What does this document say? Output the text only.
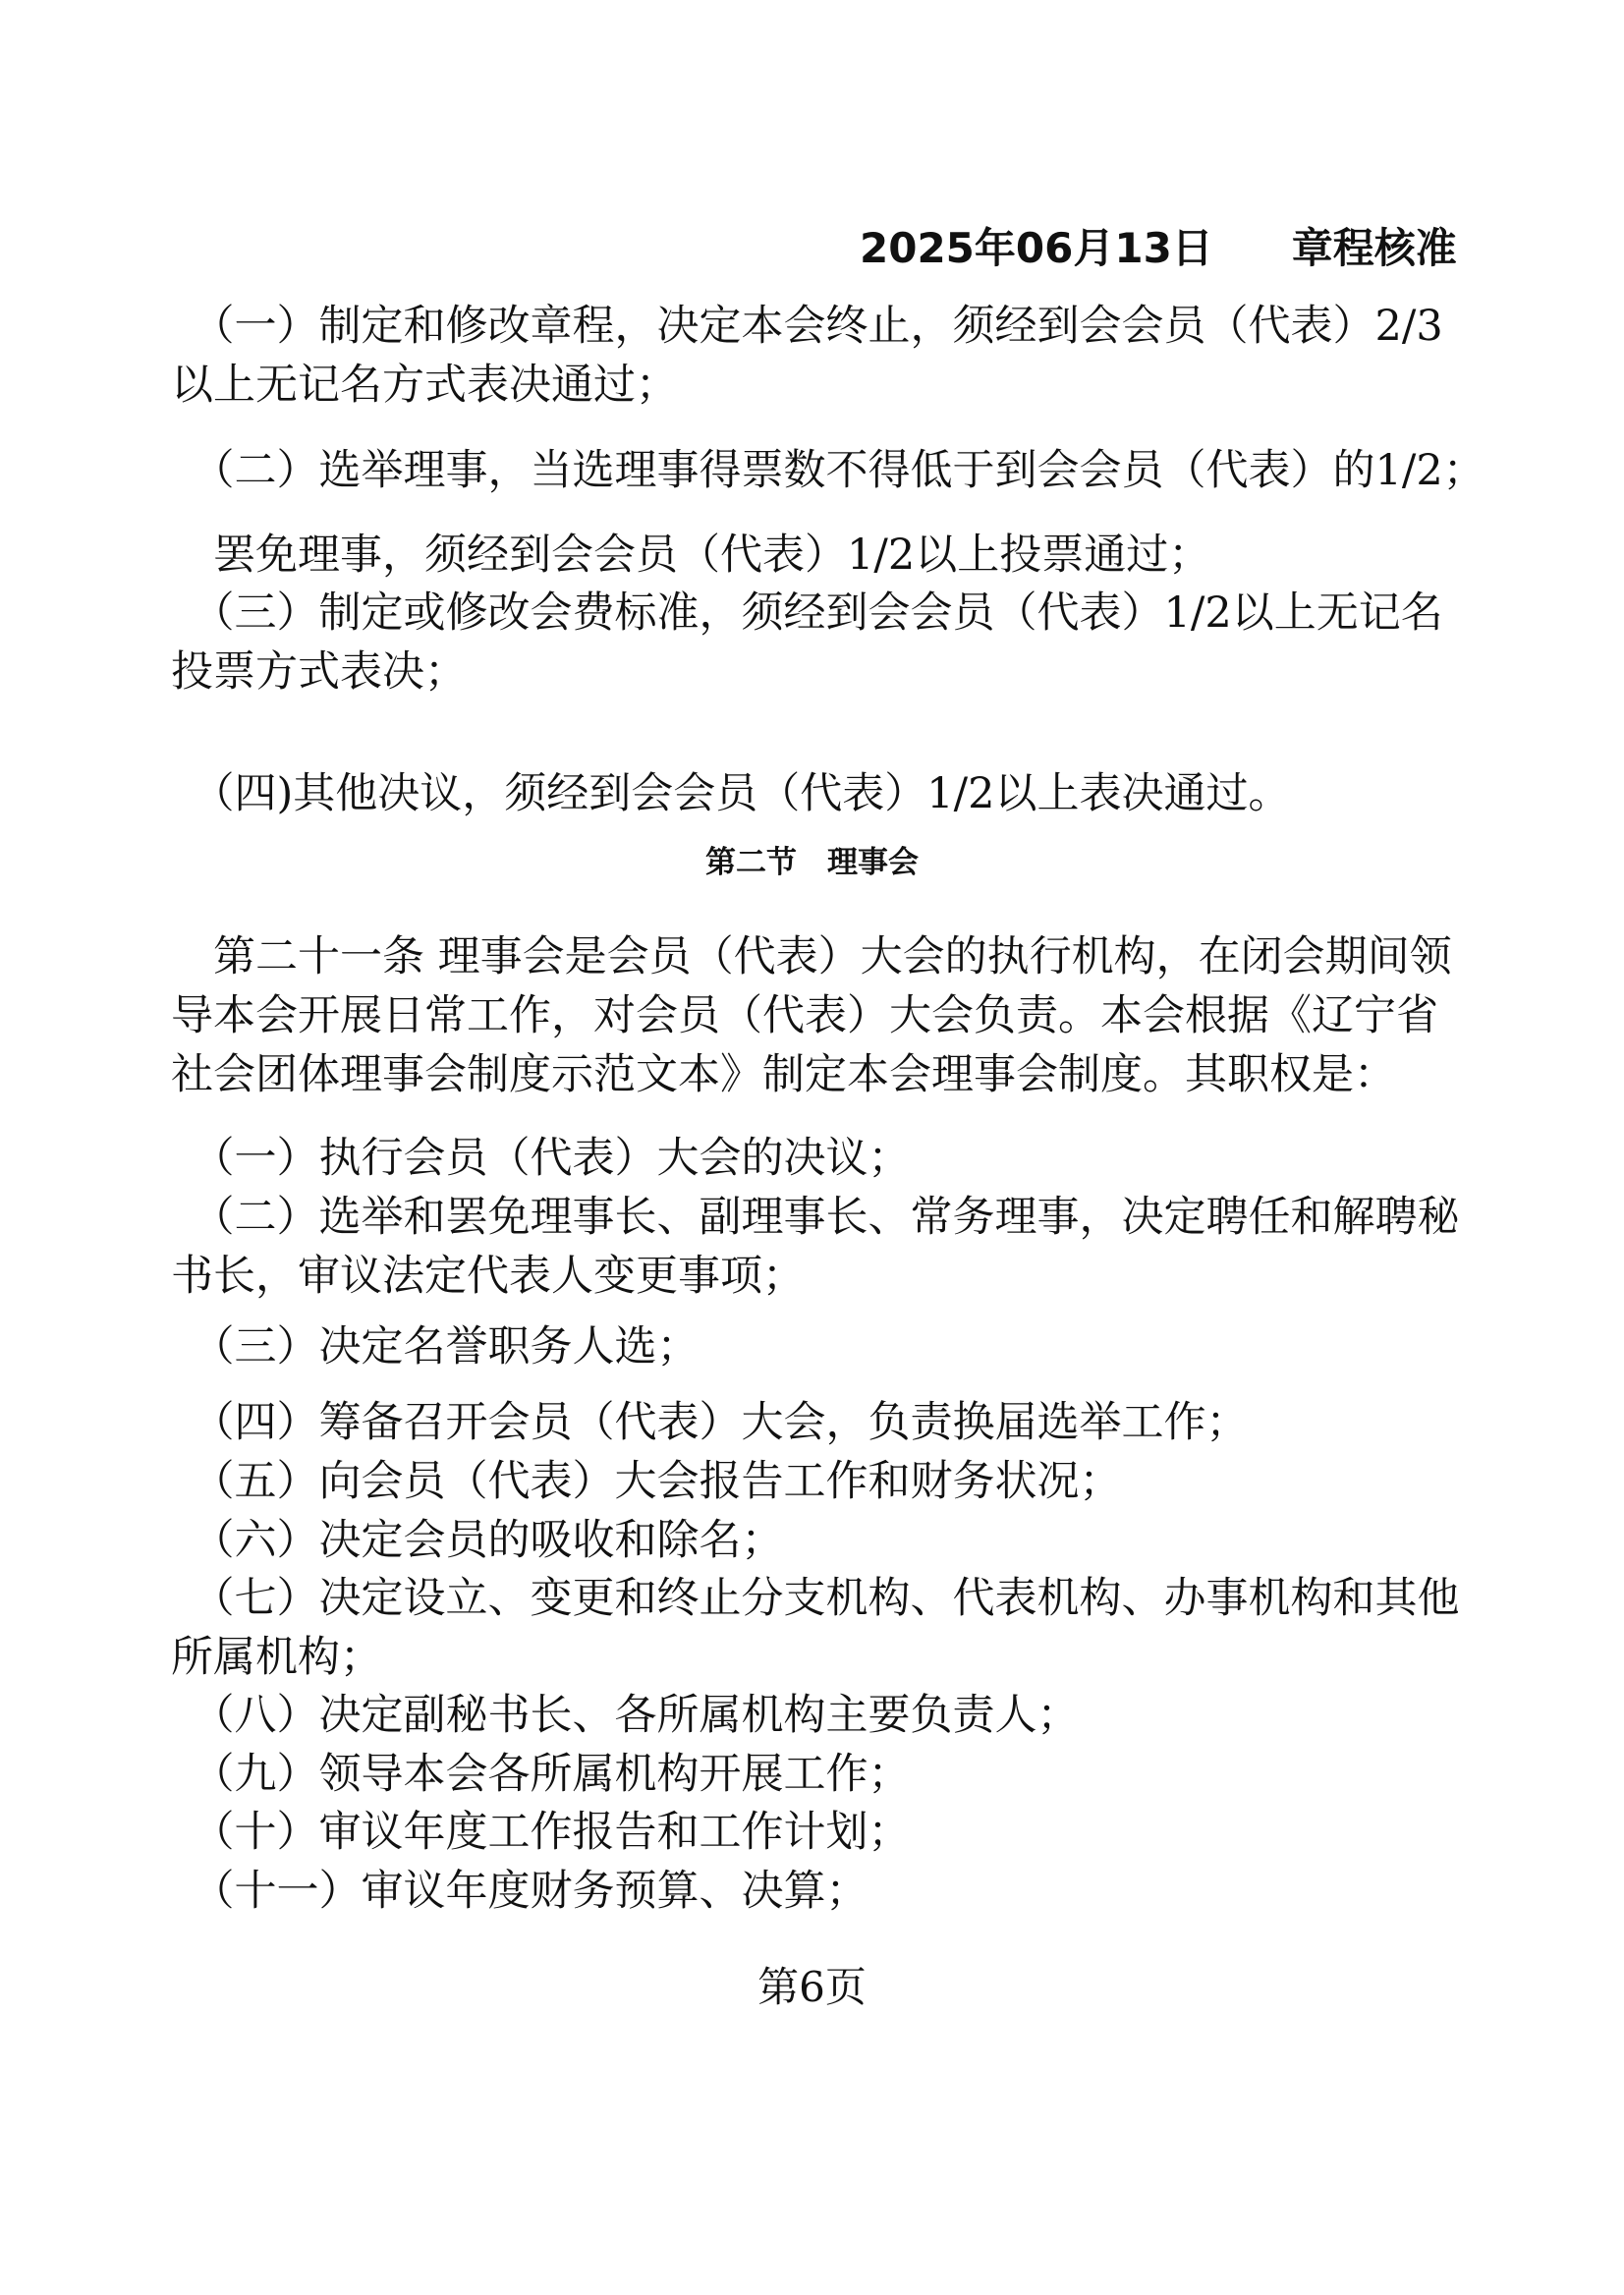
2025年06月13日 章程核准
　（一）制定和修改章程，决定本会终止，须经到会会员（代表）2/3以上无记名方式表决通过；
　（二）选举理事，当选理事得票数不得低于到会会员（代表）的1/2；
　罢免理事，须经到会会员（代表）1/2以上投票通过；
　（三）制定或修改会费标准，须经到会会员（代表）1/2以上无记名投票方式表决；
　（四)其他决议，须经到会会员（代表）1/2以上表决通过。
第二节　理事会
　第二十一条 理事会是会员（代表）大会的执行机构，在闭会期间领导本会开展日常工作，对会员（代表）大会负责。本会根据《辽宁省社会团体理事会制度示范文本》制定本会理事会制度。其职权是：
　（一）执行会员（代表）大会的决议；
　（二）选举和罢免理事长、副理事长、常务理事，决定聘任和解聘秘书长，审议法定代表人变更事项；
　（三）决定名誉职务人选；
　（四）筹备召开会员（代表）大会，负责换届选举工作；
　（五）向会员（代表）大会报告工作和财务状况；
　（六）决定会员的吸收和除名；
　（七）决定设立、变更和终止分支机构、代表机构、办事机构和其他所属机构；
　（八）决定副秘书长、各所属机构主要负责人；
　（九）领导本会各所属机构开展工作；
　（十）审议年度工作报告和工作计划；
　（十一）审议年度财务预算、决算；
第6页
